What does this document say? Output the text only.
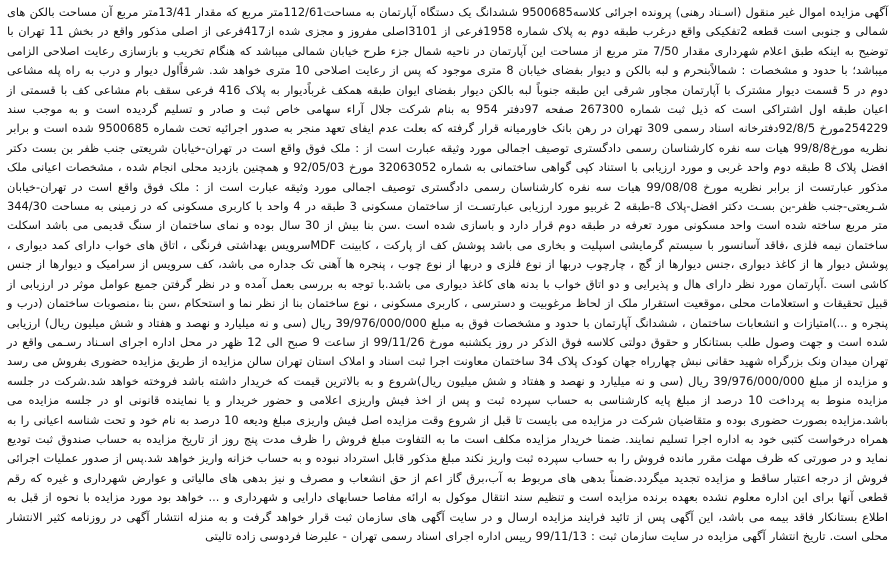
آگهی مزایده اموال غیر منقول (اسـناد رهنی) پرونده اجرائی کلاسه9500685 ششدانگ یک دستگاه آپارتمان به مساحت112/61متر مربع که مقدار 13/41متر مربع آن مساحت بالکن های شمالی و جنوبی است قطعه 2تفکیکی واقع درغرب طبقه دوم به پلاک شماره 1958فرعی از 3101اصلی مفروز و مجزی شده از417فرعی از اصلی مذکور واقع در بخش 11 تهران با توضیح به اینکه طبق اعلام شهرداری مقدار 7/50 متر مربع از مساحت این آپارتمان در ناحیه شمال جزء طرح خیابان شمالی میباشد که هنگام تخریب و بازسازی رعایت اصلاحی الزامی میباشد؛ با حدود و مشخصات : شمالاًبنحرم و لبه بالکن و دیوار بفضای خیابان 8 متری موجود که پس از رعایت اصلاحی 10 متری خواهد شد. شرقاًاول دیوار و درب به راه پله مشاعی دوم در 5 قسمت دیوار مشترک با آپارتمان مجاور شرقی این طبقه جنوباً لبه بالکن دیوار بفضای ایوان طبقه همکف غرباًدیوار به پلاک 416 فرعی سقف بام مشاعی کف با قسمتی از اعیان طبقه اول اشتراکی است که ذیل ثبت شماره 267300 صفحه 97دفتر 954 به بنام شرکت جلال آراء سهامی خاص ثبت و صادر و تسلیم گردیده است و به موجب سند 254229مورخ 92/8/5دفترخانه اسناد رسمی 309 تهران در رهن بانک خاورمیانه قرار گرفته که بعلت عدم ایفای تعهد منجر به صدور اجرائیه تحت شماره 9500685 شده است و برابر نظریه مورخ99/8/8 هیات سه نفره کارشناسان رسمی دادگستری توصیف اجمالی مورد وثیقه عبارت است از : ملک فوق واقع است در تهران-خیابان شریعتی جنب ظفر بن بست دکتر افضل پلاک 8 طبقه دوم واحد غربی و مورد ارزیابی با استناد کپی گواهی ساختمانی به شماره 32063052 مورخ 92/05/03 و همچنین بازدید محلی انجام شده ، مشخصات اعیانی ملک مذکور عبارتست از برابر نظریه مورخ 99/08/08 هیات سه نفره کارشناسان رسمی دادگستری توصیف اجمالی مورد وثیقه عبارت است از : ملک فوق واقع است در تهران-خیابان شـریعتی-جنب ظفر-بن بسـت دکتر افضل-پلاک 8-طبقه 2 غربیو مورد ارزیابی عبارتسـت از ساختمان مسکونی 3 طبقه در 4 واحد با کاربری مسکونی که در زمینی به مساحت 344/30 متر مربع ساخته شده است واحد مسکونی مورد تعرفه در طبقه دوم قرار دارد و باسازی شده است .سن بنا بیش از 30 سال بوده و نمای ساختمان از سنگ قدیمی می باشد اسکلت ساختمان نیمه فلزی ،فاقد آسانسور با سیستم گرمایشی اسپلیت و بخاری می باشد پوشش کف از پارکت ، کابینت MDFسرویس بهداشتی فرنگی ، اتاق های خواب دارای کمد دیواری ، پوشش دیوار ها از کاغذ دیواری ،جنس دیوارها از گچ ، چارچوب دربها از نوع فلزی و دربها از نوع چوب ، پنجره ها آهنی تک جداره می باشد، کف سرویس از سرامیک و دیوارها از جنس کاشی است .آپارتمان مورد نظر دارای هال و پذیرایی و دو اتاق خواب با بدنه های کاغذ دیواری می باشد.با توجه به بررسی بعمل آمده و در نظر گرفتن جمیع عوامل موثر در ارزیابی از قبیل تحقیقات و استعلامات محلی ،موقعیت استقرار ملک از لحاظ مرغوبیت و دسترسی ، کاربری مسکونی ، نوع ساختمان بنا از نظر نما و استحکام ،سن بنا ،منصوبات ساختمان (درب و پنجره و ...)امتیازات و انشعابات ساختمان ، ششدانگ آپارتمان با حدود و مشخصات فوق به مبلغ 39/976/000/000 ریال (سی و نه میلیارد و نهصد و هفتاد و شش میلیون ریال) ارزیابی شده است و جهت وصول طلب بستانکار و حقوق دولتی کلاسه فوق الذکر در روز یکشنبه مورخ 99/11/26 از ساعت 9 صبح الی 12 ظهر در محل اداره اجرای اسـناد رسـمی واقع در تهران میدان ونک بزرگراه شهید حقانی نبش چهارراه جهان کودک پلاک 34 ساختمان معاونت اجرا ثبت اسناد و املاک استان تهران سالن مزایده از طریق مزایده حضوری بفروش می رسد و مزایده از مبلغ 39/976/000/000 ریال (سی و نه میلیارد و نهصد و هفتاد و شش میلیون ریال)شروع و به بالاترین قیمت که خریدار داشته باشد فروخته خواهد شد.شرکت در جلسه مزایده منوط به پرداخت 10 درصد از مبلغ پایه کارشناسی به حساب سپرده ثبت و پس از اخذ فیش واریزی اعلامی و حضور خریدار و یا نماینده قانونی او در جلسه مزایده می باشد.مزایده بصورت حضوری بوده و متقاضیان شرکت در مزایده می بایست تا قبل از شروع وقت مزایده اصل فیش واریزی مبلغ ودیعه 10 درصد به نام خود و تحت شناسه اعیانی را به همراه درخواست کتبی خود به اداره اجرا تسلیم نمایند. ضمنا خریدار مزایده مکلف است ما به التفاوت مبلغ فروش را ظرف مدت پنج روز از تاریخ مزایده به حساب صندوق ثبت تودیع نماید و در صورتی که ظرف مهلت مقرر مانده فروش را به حساب سپرده ثبت واریز نکند مبلغ مذکور قابل استرداد نبوده و به حساب خزانه واریز خواهد شد.پس از صدور عملیات اجرائی فروش از درجه اعتبار ساقط و مزایده تجدید میگردد.ضمناً بدهی های مربوط به آب،برق گاز اعم از حق انشعاب و مصرف و نیز بدهی های مالیاتی و عوارض شهرداری و غیره که رقم قطعی آنها برای این اداره معلوم نشده بعهده برنده مزایده است و تنظیم سند انتقال موکول به ارائه مفاصا حسابهای دارایی و شهرداری و ... خواهد بود مورد مزایده با نحوه از قبل به اطلاع بستانکار فاقد بیمه می باشد، این آگهی پس از تائید فرایند مزایده ارسال و در سایت آگهی های سازمان ثبت قرار خواهد گرفت و به منزله انتشار آگهی در روزنامه کثیر الانتشار محلی است. تاریخ انتشار آگهی مزایده در سایت سازمان ثبت : 99/11/13 رییس اداره اجرای اسناد رسمی تهران - علیرضا فردوسی زاده تالیتی
